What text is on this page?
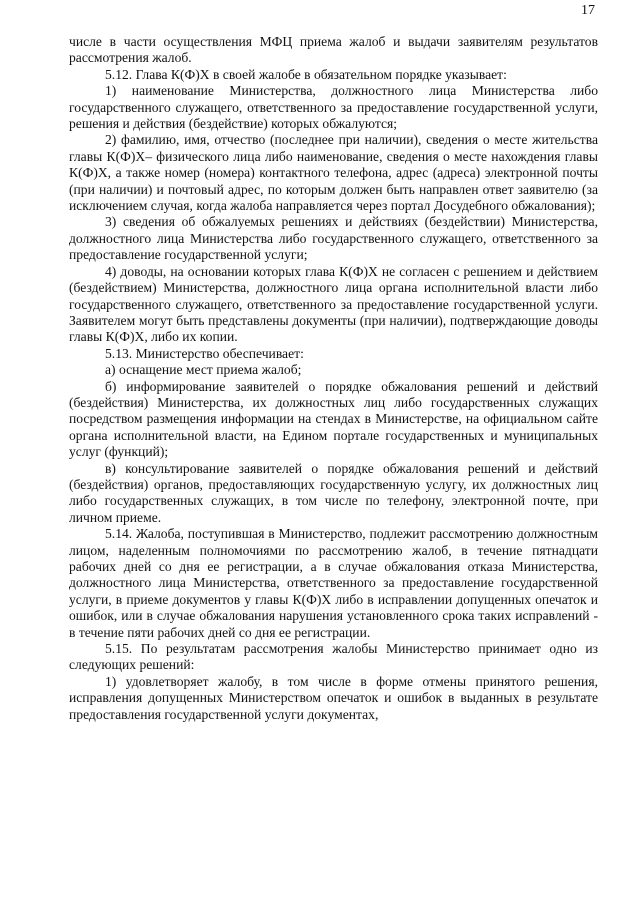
17

числе в части осуществления МФЦ приема жалоб и выдачи заявителям результатов рассмотрения жалоб.

5.12. Глава К(Ф)Х в своей жалобе в обязательном порядке указывает:

1) наименование Министерства, должностного лица Министерства либо государственного служащего, ответственного за предоставление государственной услуги, решения и действия (бездействие) которых обжалуются;

2) фамилию, имя, отчество (последнее при наличии), сведения о месте жительства главы К(Ф)Х– физического лица либо наименование, сведения о месте нахождения главы К(Ф)Х, а также номер (номера) контактного телефона, адрес (адреса) электронной почты (при наличии) и почтовый адрес, по которым должен быть направлен ответ заявителю (за исключением случая, когда жалоба направляется через портал Досудебного обжалования);

3) сведения об обжалуемых решениях и действиях (бездействии) Министерства, должностного лица Министерства либо государственного служащего, ответственного за предоставление государственной услуги;

4) доводы, на основании которых глава К(Ф)Х не согласен с решением и действием (бездействием) Министерства, должностного лица органа исполнительной власти либо государственного служащего, ответственного за предоставление государственной услуги. Заявителем могут быть представлены документы (при наличии), подтверждающие доводы главы К(Ф)Х, либо их копии.

5.13. Министерство обеспечивает:

а) оснащение мест приема жалоб;

б) информирование заявителей о порядке обжалования решений и действий (бездействия) Министерства, их должностных лиц либо государственных служащих посредством размещения информации на стендах в Министерстве, на официальном сайте органа исполнительной власти, на Едином портале государственных и муниципальных услуг (функций);

в) консультирование заявителей о порядке обжалования решений и действий (бездействия) органов, предоставляющих государственную услугу, их должностных лиц либо государственных служащих, в том числе по телефону, электронной почте, при личном приеме.

5.14. Жалоба, поступившая в Министерство, подлежит рассмотрению должностным лицом, наделенным полномочиями по рассмотрению жалоб, в течение пятнадцати рабочих дней со дня ее регистрации, а в случае обжалования отказа Министерства, должностного лица Министерства, ответственного за предоставление государственной услуги, в приеме документов у главы К(Ф)Х либо в исправлении допущенных опечаток и ошибок, или в случае обжалования нарушения установленного срока таких исправлений - в течение пяти рабочих дней со дня ее регистрации.

5.15. По результатам рассмотрения жалобы Министерство принимает одно из следующих решений:

1) удовлетворяет жалобу, в том числе в форме отмены принятого решения, исправления допущенных Министерством опечаток и ошибок в выданных в результате предоставления государственной услуги документах,
